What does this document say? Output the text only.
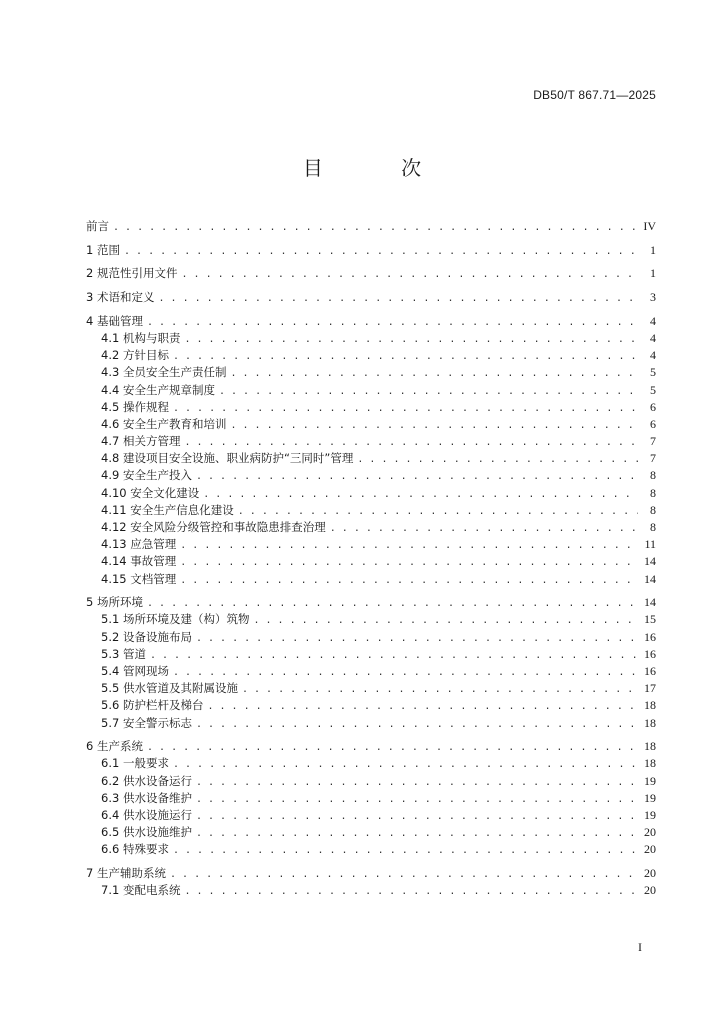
DB50/T 867.71—2025
目 次
前言 . . .	IV
1 范围 . . .	1
2 规范性引用文件 . . .	1
3 术语和定义 . . .	3
4 基础管理 . . .	4
4.1 机构与职责 . . .	4
4.2 方针目标 . . .	4
4.3 全员安全生产责任制 . . .	5
4.4 安全生产规章制度 . . .	5
4.5 操作规程 . . .	6
4.6 安全生产教育和培训 . . .	6
4.7 相关方管理 . . .	7
4.8 建设项目安全设施、职业病防护“三同时”管理 . . .	7
4.9 安全生产投入 . . .	8
4.10 安全文化建设 . . .	8
4.11 安全生产信息化建设 . . .	8
4.12 安全风险分级管控和事故隐患排查治理 . . .	8
4.13 应急管理 . . .	11
4.14 事故管理 . . .	14
4.15 文档管理 . . .	14
5 场所环境 . . .	14
5.1 场所环境及建（构）筑物 . . .	15
5.2 设备设施布局 . . .	16
5.3 管道 . . .	16
5.4 管网现场 . . .	16
5.5 供水管道及其附属设施 . . .	17
5.6 防护栏杆及梯台 . . .	18
5.7 安全警示标志 . . .	18
6 生产系统 . . .	18
6.1 一般要求 . . .	18
6.2 供水设备运行 . . .	19
6.3 供水设备维护 . . .	19
6.4 供水设施运行 . . .	19
6.5 供水设施维护 . . .	20
6.6 特殊要求 . . .	20
7 生产辅助系统 . . .	20
7.1 变配电系统 . . .	20
I
